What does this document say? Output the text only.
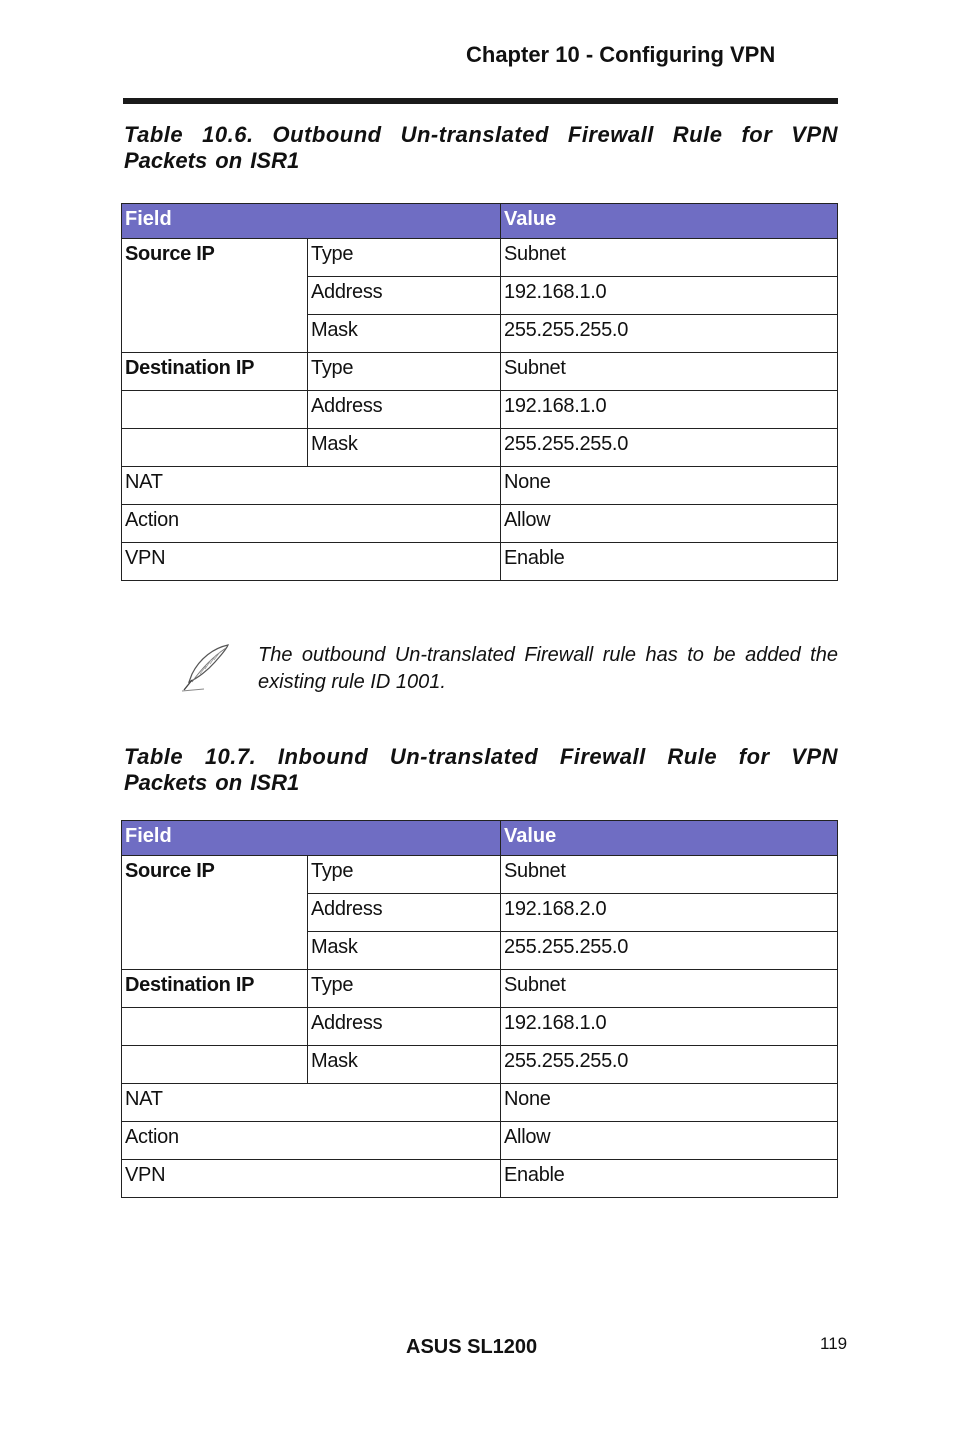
Chapter 10 - Configuring VPN
Table 10.6. Outbound Un-translated Firewall Rule for VPN
Packets on ISR1
Field		Value
Source IP	Type	Subnet
	Address	192.168.1.0
	Mask	255.255.255.0
Destination IP	Type	Subnet
	Address	192.168.1.0
	Mask	255.255.255.0
NAT		None
Action		Allow
VPN		Enable
The outbound Un-translated Firewall rule has to be added the existing rule ID 1001.
Table 10.7. Inbound Un-translated Firewall Rule for VPN
Packets on ISR1
Field		Value
Source IP	Type	Subnet
	Address	192.168.2.0
	Mask	255.255.255.0
Destination IP	Type	Subnet
	Address	192.168.1.0
	Mask	255.255.255.0
NAT		None
Action		Allow
VPN		Enable
ASUS SL1200	119
